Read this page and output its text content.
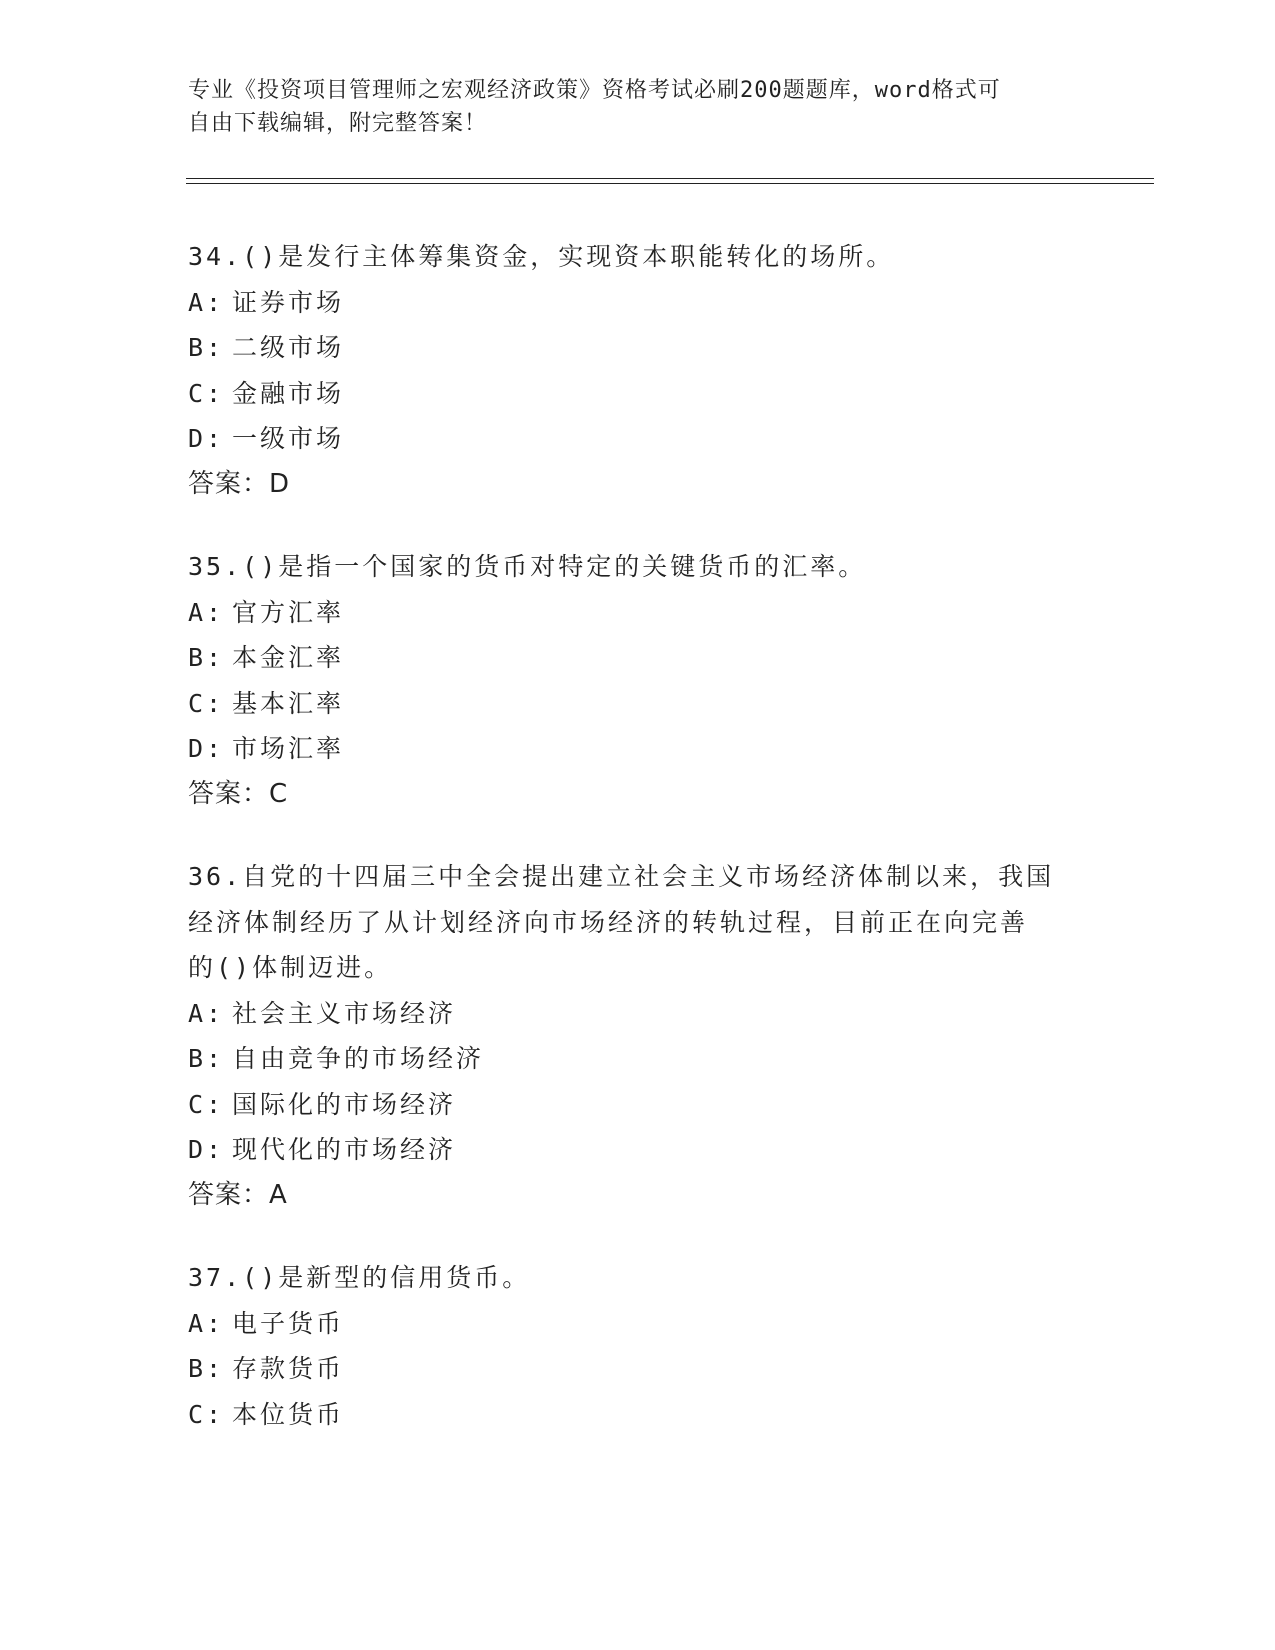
专业《投资项目管理师之宏观经济政策》资格考试必刷200题题库，word格式可
自由下载编辑，附完整答案！
34.()是发行主体筹集资金，实现资本职能转化的场所。
A: 证券市场
B: 二级市场
C: 金融市场
D: 一级市场
答案：D
35.()是指一个国家的货币对特定的关键货币的汇率。
A: 官方汇率
B: 本金汇率
C: 基本汇率
D: 市场汇率
答案：C
36.自党的十四届三中全会提出建立社会主义市场经济体制以来，我国
经济体制经历了从计划经济向市场经济的转轨过程，目前正在向完善
的()体制迈进。
A: 社会主义市场经济
B: 自由竞争的市场经济
C: 国际化的市场经济
D: 现代化的市场经济
答案：A
37.()是新型的信用货币。
A: 电子货币
B: 存款货币
C: 本位货币
